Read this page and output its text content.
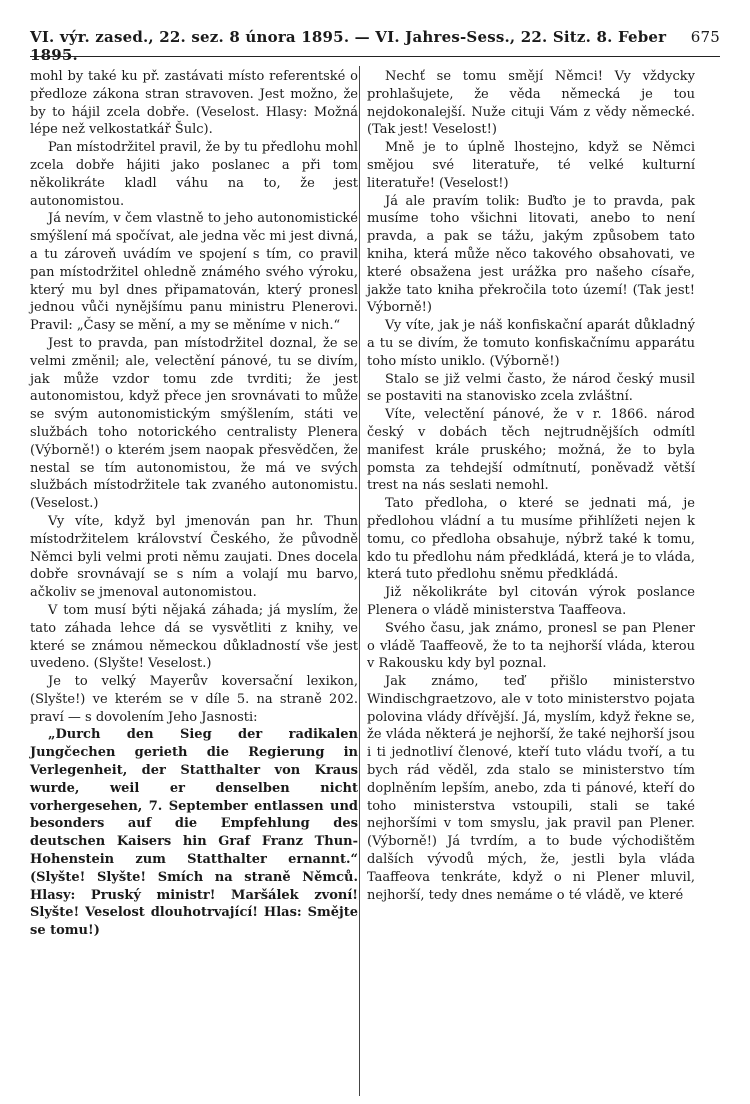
VI. výr. zased., 22. sez. 8 února 1895. — VI. Jahres-Sess., 22. Sitz. 8. Feber 1895.
675

mohl by také ku př. zastávati místo referentské o předloze zákona stran stravoven. Jest možno, že by to hájil zcela dobře. (Veselost. Hlasy: Možná lépe než velkostatkář Šulc).

Pan místodržitel pravil, že by tu předlohu mohl zcela dobře hájiti jako poslanec a při tom několikráte kladl váhu na to, že jest autonomistou.

Já nevím, v čem vlastně to jeho autonomistické smýšlení má spočívat, ale jedna věc mi jest divná, a tu zároveň uvádím ve spojení s tím, co pravil pan místodržitel ohledně známého svého výroku, který mu byl dnes připamatován, který pronesl jednou vůči nynějšímu panu ministru Plenerovi. Pravil: „Časy se mění, a my se měníme v nich.“

Jest to pravda, pan místodržitel doznal, že se velmi změnil; ale, velectění pánové, tu se divím, jak může vzdor tomu zde tvrditi; že jest autonomistou, když přece jen srovnávati to může se svým autonomistickým smýšlením, státi ve službách toho notorického centralisty Plenera (Výborně!) o kterém jsem naopak přesvědčen, že nestal se tím autonomistou, že má ve svých službách místodržitele tak zvaného autonomistu. (Veselost.)

Vy víte, když byl jmenován pan hr. Thun místodržitelem království Českého, že původně Němci byli velmi proti němu zaujati. Dnes docela dobře srovnávají se s ním a volají mu barvo, ačkoliv se jmenoval autonomistou.

V tom musí býti nějaká záhada; já myslím, že tato záhada lehce dá se vysvětliti z knihy, ve které se známou německou důkladností vše jest uvedeno. (Slyšte! Veselost.)

Je to velký Mayerův koversační lexikon, (Slyšte!) ve kterém se v díle 5. na straně 202. praví — s dovolením Jeho Jasnosti:

„Durch den Sieg der radikalen Jungčechen gerieth die Regierung in Verlegenheit, der Statthalter von Kraus wurde, weil er denselben nicht vorhergesehen, 7. September entlassen und besonders auf die Empfehlung des deutschen Kaisers hin Graf Franz Thun-Hohenstein zum Statthalter ernannt.“ (Slyšte! Slyšte! Smích na straně Němců. Hlasy: Pruský ministr! Maršálek zvoní! Slyšte! Veselost dlouhotrvající! Hlas: Smějte se tomu!)

Nechť se tomu smějí Němci! Vy vždycky prohlašujete, že věda německá je tou nejdokonalejší. Nuže cituji Vám z vědy německé. (Tak jest! Veselost!)

Mně je to úplně lhostejno, když se Němci smějou své literatuře, té velké kulturní literatuře! (Veselost!)

Já ale pravím tolik: Buďto je to pravda, pak musíme toho všichni litovati, anebo to není pravda, a pak se tážu, jakým způsobem tato kniha, která může něco takového obsahovati, ve které obsažena jest urážka pro našeho císaře, jakže tato kniha překročila toto území! (Tak jest! Výborně!)

Vy víte, jak je náš konfiskační aparát důkladný a tu se divím, že tomuto konfiskačnímu apparátu toho místo uniklo. (Výborně!)

Stalo se již velmi často, že národ český musil se postaviti na stanovisko zcela zvláštní.

Víte, velectění pánové, že v r. 1866. národ český v dobách těch nejtrudnějších odmítl manifest krále pruského; možná, že to byla pomsta za tehdejší odmítnutí, poněvadž větší trest na nás seslati nemohl.

Tato předloha, o které se jednati má, je předlohou vládní a tu musíme přihlížeti nejen k tomu, co předloha obsahuje, nýbrž také k tomu, kdo tu předlohu nám předkládá, která je to vláda, která tuto předlohu sněmu předkládá.

Již několikráte byl citován výrok poslance Plenera o vládě ministerstva Taaffeova.

Svého času, jak známo, pronesl se pan Plener o vládě Taaffeově, že to ta nejhorší vláda, kterou v Rakousku kdy byl poznal.

Jak známo, teď přišlo ministerstvo Windischgraetzovo, ale v toto ministerstvo pojata polovina vlády dřívější. Já, myslím, když řekne se, že vláda některá je nejhorší, že také nejhorší jsou i ti jednotliví členové, kteří tuto vládu tvoří, a tu bych rád věděl, zda stalo se ministerstvo tím doplněním lepším, anebo, zda ti pánové, kteří do toho ministerstva vstoupili, stali se také nejhoršími v tom smyslu, jak pravil pan Plener. (Výborně!) Já tvrdím, a to bude východištěm dalších vývodů mých, že, jestli byla vláda Taaffeova tenkráte, když o ni Plener mluvil, nejhorší, tedy dnes nemáme o té vládě, ve které
